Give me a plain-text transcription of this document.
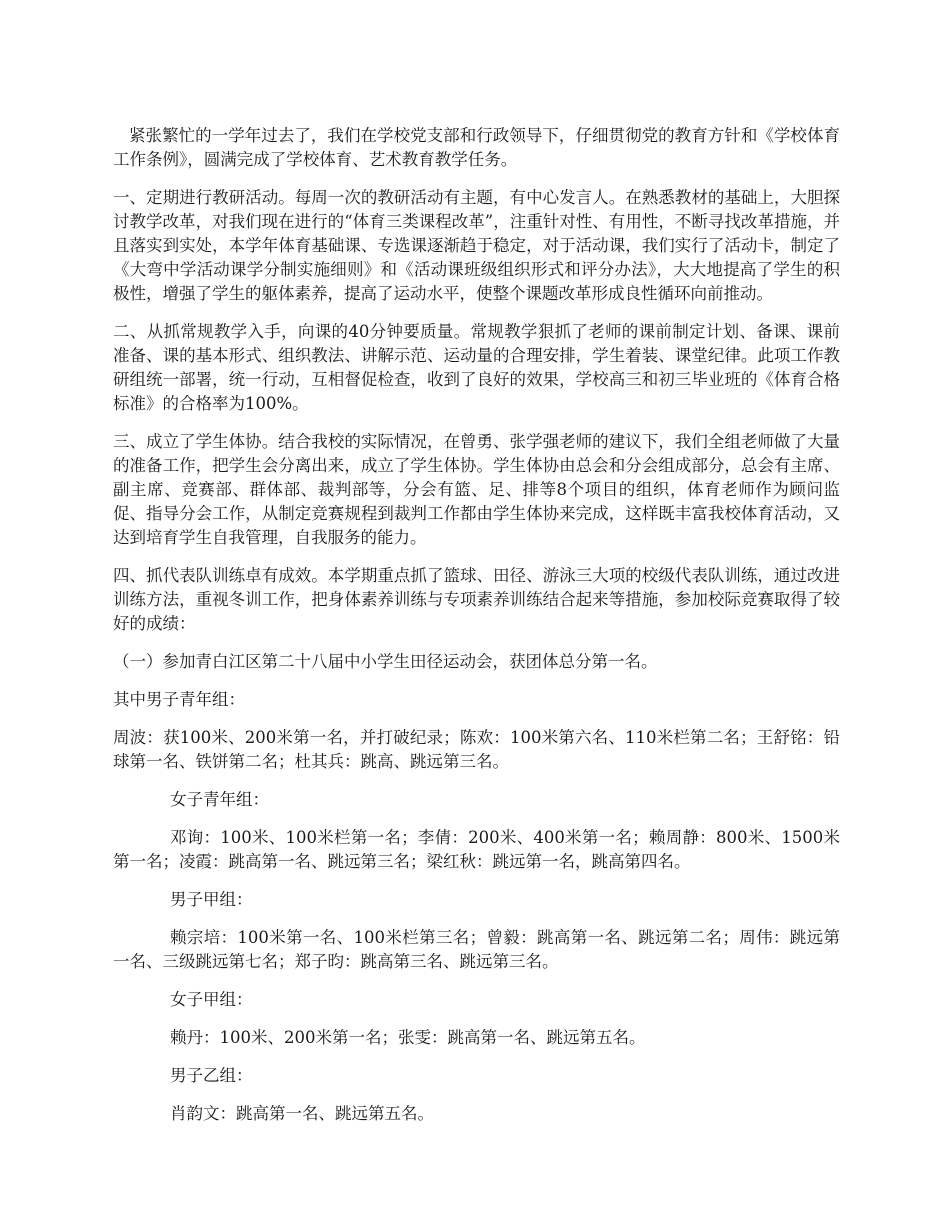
紧张繁忙的一学年过去了，我们在学校党支部和行政领导下，仔细贯彻党的教育方针和《学校体育工作条例》，圆满完成了学校体育、艺术教育教学任务。

一、定期进行教研活动。每周一次的教研活动有主题，有中心发言人。在熟悉教材的基础上，大胆探讨教学改革，对我们现在进行的“体育三类课程改革”，注重针对性、有用性，不断寻找改革措施，并且落实到实处，本学年体育基础课、专选课逐渐趋于稳定，对于活动课，我们实行了活动卡，制定了《大弯中学活动课学分制实施细则》和《活动课班级组织形式和评分办法》，大大地提高了学生的积极性，增强了学生的躯体素养，提高了运动水平，使整个课题改革形成良性循环向前推动。

二、从抓常规教学入手，向课的40分钟要质量。常规教学狠抓了老师的课前制定计划、备课、课前准备、课的基本形式、组织教法、讲解示范、运动量的合理安排，学生着装、课堂纪律。此项工作教研组统一部署，统一行动，互相督促检查，收到了良好的效果，学校高三和初三毕业班的《体育合格标准》的合格率为100%。

三、成立了学生体协。结合我校的实际情况，在曾勇、张学强老师的建议下，我们全组老师做了大量的准备工作，把学生会分离出来，成立了学生体协。学生体协由总会和分会组成部分，总会有主席、副主席、竞赛部、群体部、裁判部等，分会有篮、足、排等8个项目的组织，体育老师作为顾问监促、指导分会工作，从制定竞赛规程到裁判工作都由学生体协来完成，这样既丰富我校体育活动，又达到培育学生自我管理，自我服务的能力。

四、抓代表队训练卓有成效。本学期重点抓了篮球、田径、游泳三大项的校级代表队训练，通过改进训练方法，重视冬训工作，把身体素养训练与专项素养训练结合起来等措施，参加校际竞赛取得了较好的成绩：

（一）参加青白江区第二十八届中小学生田径运动会，获团体总分第一名。

其中男子青年组：

周波：获100米、200米第一名，并打破纪录；陈欢：100米第六名、110米栏第二名；王舒铭：铅球第一名、铁饼第二名；杜其兵：跳高、跳远第三名。

女子青年组：

邓询：100米、100米栏第一名；李倩：200米、400米第一名；赖周静：800米、1500米第一名；凌霞：跳高第一名、跳远第三名；梁红秋：跳远第一名，跳高第四名。

男子甲组：

赖宗培：100米第一名、100米栏第三名；曾毅：跳高第一名、跳远第二名；周伟：跳远第一名、三级跳远第七名；郑子昀：跳高第三名、跳远第三名。

女子甲组：

赖丹：100米、200米第一名；张雯：跳高第一名、跳远第五名。

男子乙组：

肖韵文：跳高第一名、跳远第五名。
